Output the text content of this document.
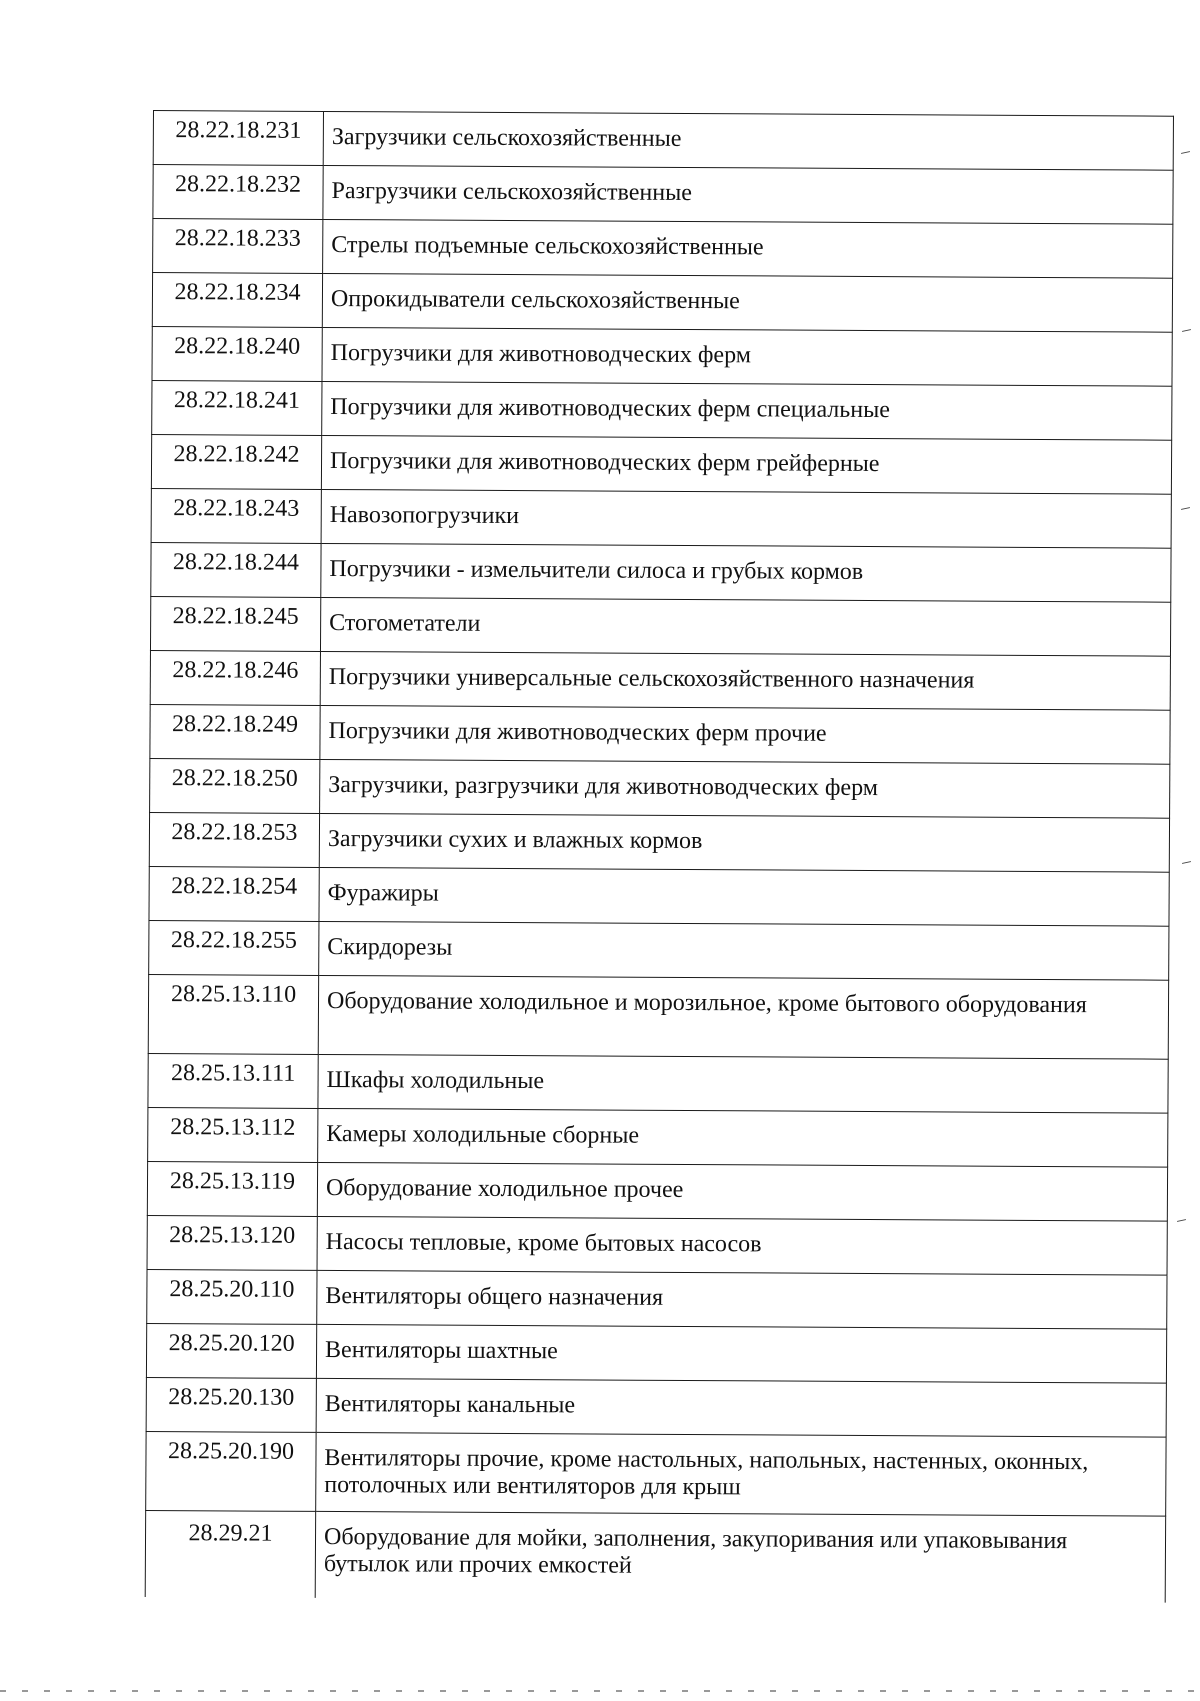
28.22.18.231	Загрузчики сельскохозяйственные
28.22.18.232	Разгрузчики сельскохозяйственные
28.22.18.233	Стрелы подъемные сельскохозяйственные
28.22.18.234	Опрокидыватели сельскохозяйственные
28.22.18.240	Погрузчики для животноводческих ферм
28.22.18.241	Погрузчики для животноводческих ферм специальные
28.22.18.242	Погрузчики для животноводческих ферм грейферные
28.22.18.243	Навозопогрузчики
28.22.18.244	Погрузчики - измельчители силоса и грубых кормов
28.22.18.245	Стогометатели
28.22.18.246	Погрузчики универсальные сельскохозяйственного назначения
28.22.18.249	Погрузчики для животноводческих ферм прочие
28.22.18.250	Загрузчики, разгрузчики для животноводческих ферм
28.22.18.253	Загрузчики сухих и влажных кормов
28.22.18.254	Фуражиры
28.22.18.255	Скирдорезы
28.25.13.110	Оборудование холодильное и морозильное, кроме бытового оборудования
28.25.13.111	Шкафы холодильные
28.25.13.112	Камеры холодильные сборные
28.25.13.119	Оборудование холодильное прочее
28.25.13.120	Насосы тепловые, кроме бытовых насосов
28.25.20.110	Вентиляторы общего назначения
28.25.20.120	Вентиляторы шахтные
28.25.20.130	Вентиляторы канальные
28.25.20.190	Вентиляторы прочие, кроме настольных, напольных, настенных, оконных, потолочных или вентиляторов для крыш
28.29.21	Оборудование для мойки, заполнения, закупоривания или упаковывания бутылок или прочих емкостей
